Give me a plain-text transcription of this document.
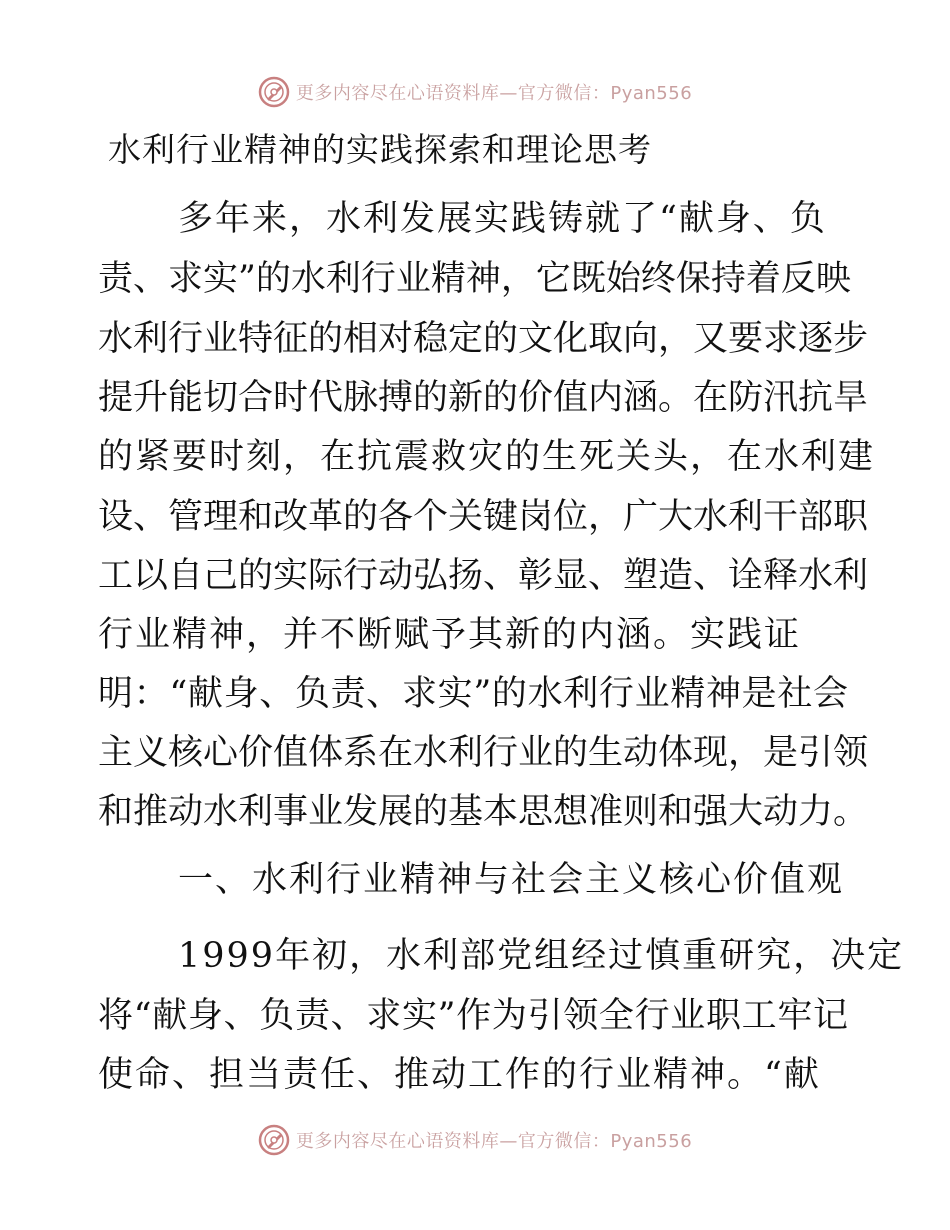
更多内容尽在心语资料库—官方微信：Pyan556
水利行业精神的实践探索和理论思考

多年来，水利发展实践铸就了“献身、负

责、求实”的水利行业精神，它既始终保持着反映

水利行业特征的相对稳定的文化取向，又要求逐步

提升能切合时代脉搏的新的价值内涵。在防汛抗旱

的紧要时刻，在抗震救灾的生死关头，在水利建

设、管理和改革的各个关键岗位，广大水利干部职

工以自己的实际行动弘扬、彰显、塑造、诠释水利

行业精神，并不断赋予其新的内涵。实践证

明：“献身、负责、求实”的水利行业精神是社会

主义核心价值体系在水利行业的生动体现，是引领

和推动水利事业发展的基本思想准则和强大动力。

一、水利行业精神与社会主义核心价值观

1999年初，水利部党组经过慎重研究，决定

将“献身、负责、求实”作为引领全行业职工牢记

使命、担当责任、推动工作的行业精神。“献

更多内容尽在心语资料库—官方微信：Pyan556
